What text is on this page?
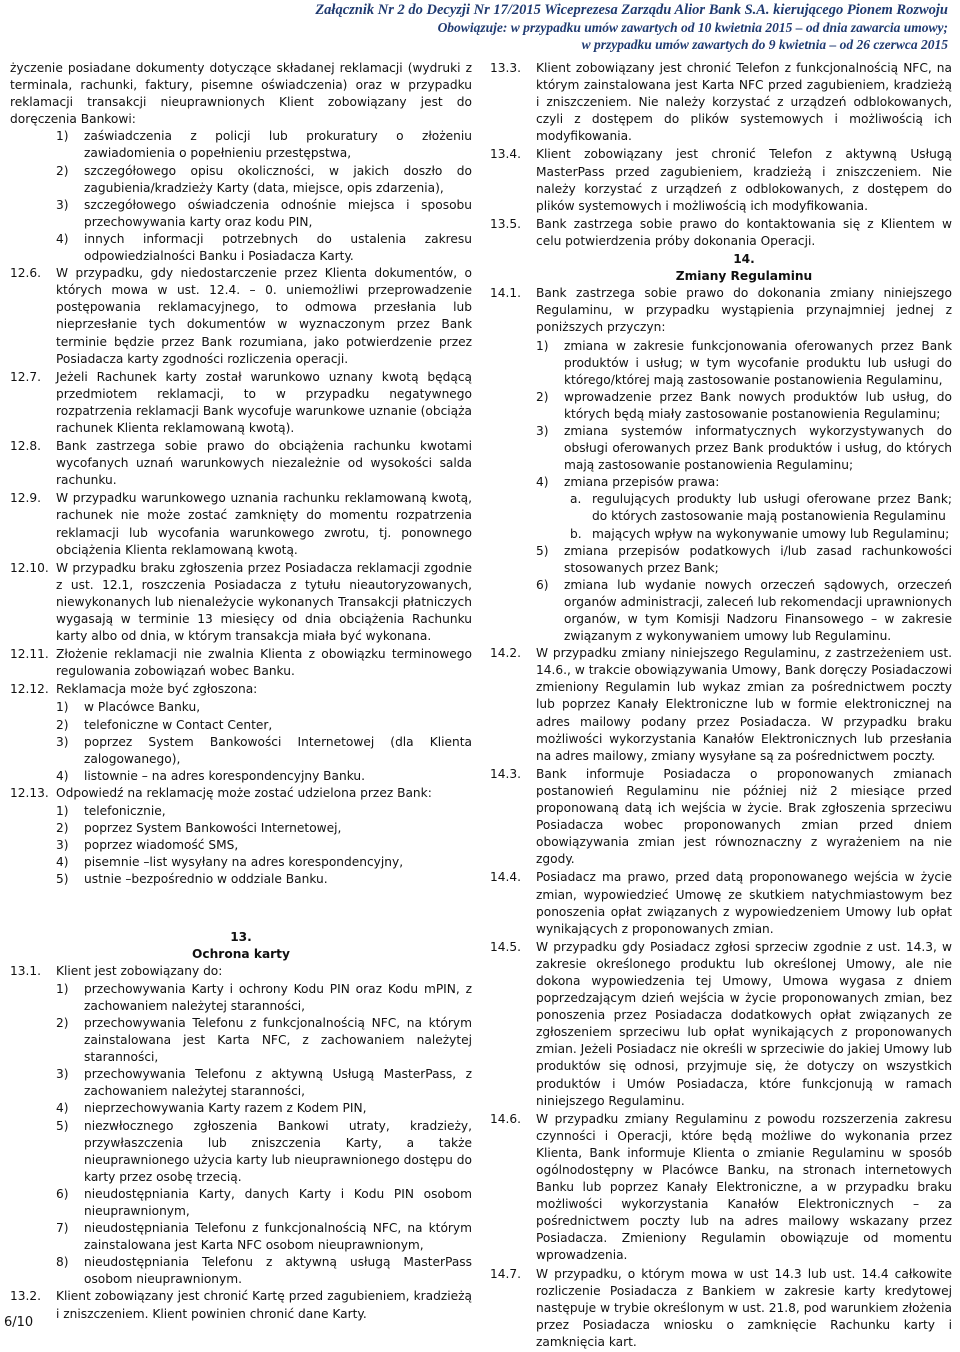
Załącznik Nr 2 do Decyzji Nr 17/2015 Wiceprezesa Zarządu Alior Bank S.A. kierującego Pionem Rozwoju
Obowiązuje: w przypadku umów zawartych od 10 kwietnia 2015 – od dnia zawarcia umowy;
w przypadku umów zawartych do 9 kwietnia – od 26 czerwca 2015
życzenie posiadane dokumenty dotyczące składanej reklamacji (wydruki z terminala, rachunki, faktury, pisemne oświadczenia) oraz w przypadku reklamacji transakcji nieuprawnionych Klient zobowiązany jest do doręczenia Bankowi:
1)	zaświadczenia z policji lub prokuratury o złożeniu zawiadomienia o popełnieniu przestępstwa,
2)	szczegółowego opisu okoliczności, w jakich doszło do zagubienia/kradzieży Karty (data, miejsce, opis zdarzenia),
3)	szczegółowego oświadczenia odnośnie miejsca i sposobu przechowywania karty oraz kodu PIN,
4)	innych informacji potrzebnych do ustalenia zakresu odpowiedzialności Banku i Posiadacza Karty.
12.6.	W przypadku, gdy niedostarczenie przez Klienta dokumentów, o których mowa w ust. 12.4. – 0. uniemożliwi przeprowadzenie postępowania reklamacyjnego, to odmowa przesłania lub nieprzesłanie tych dokumentów w wyznaczonym przez Bank terminie będzie przez Bank rozumiana, jako potwierdzenie przez Posiadacza karty zgodności rozliczenia operacji.
12.7.	Jeżeli Rachunek karty został warunkowo uznany kwotą będącą przedmiotem reklamacji, to w przypadku negatywnego rozpatrzenia reklamacji Bank wycofuje warunkowe uznanie (obciąża rachunek Klienta reklamowaną kwotą).
12.8.	Bank zastrzega sobie prawo do obciążenia rachunku kwotami wycofanych uznań warunkowych niezależnie od wysokości salda rachunku.
12.9.	W przypadku warunkowego uznania rachunku reklamowaną kwotą, rachunek nie może zostać zamknięty do momentu rozpatrzenia reklamacji lub wycofania warunkowego zwrotu, tj. ponownego obciążenia Klienta reklamowaną kwotą.
12.10. W przypadku braku zgłoszenia przez Posiadacza reklamacji zgodnie z ust. 12.1, roszczenia Posiadacza z tytułu nieautoryzowanych, niewykonanych lub nienależycie wykonanych Transakcji płatniczych wygasają w terminie 13 miesięcy od dnia obciążenia Rachunku karty albo od dnia, w którym transakcja miała być wykonana.
12.11. Złożenie reklamacji nie zwalnia Klienta z obowiązku terminowego regulowania zobowiązań wobec Banku.
12.12. Reklamacja może być zgłoszona:
1)	w Placówce Banku,
2)	telefoniczne w Contact Center,
3)	poprzez System Bankowości Internetowej (dla Klienta zalogowanego),
4)	listownie – na adres korespondencyjny Banku.
12.13. Odpowiedź na reklamację może zostać udzielona przez Bank:
1)	telefonicznie,
2)	poprzez System Bankowości Internetowej,
3)	poprzez wiadomość SMS,
4)	pisemnie –list wysyłany na adres korespondencyjny,
5)	ustnie –bezpośrednio w oddziale Banku.
13.
Ochrona karty
13.1.	Klient jest zobowiązany do:
1)	przechowywania Karty i ochrony Kodu PIN oraz Kodu mPIN, z zachowaniem należytej staranności,
2)	przechowywania Telefonu z funkcjonalnością NFC, na którym zainstalowana jest Karta NFC, z zachowaniem należytej staranności,
3)	przechowywania Telefonu z aktywną Usługą MasterPass, z zachowaniem należytej staranności,
4)	nieprzechowywania Karty razem z Kodem PIN,
5)	niezwłocznego zgłoszenia Bankowi utraty, kradzieży, przywłaszczenia lub zniszczenia Karty, a także nieuprawnionego użycia karty lub nieuprawnionego dostępu do karty przez osobę trzecią.
6)	nieudostępniania Karty, danych Karty i Kodu PIN osobom nieuprawnionym,
7)	nieudostępniania Telefonu z funkcjonalnością NFC, na którym zainstalowana jest Karta NFC osobom nieuprawnionym,
8)	nieudostępniania Telefonu z aktywną usługą MasterPass osobom nieuprawnionym.
13.2.	Klient zobowiązany jest chronić Kartę przed zagubieniem, kradzieżą i zniszczeniem. Klient powinien chronić dane Karty.
13.3.	Klient zobowiązany jest chronić Telefon z funkcjonalnością NFC, na którym zainstalowana jest Karta NFC przed zagubieniem, kradzieżą i zniszczeniem. Nie należy korzystać z urządzeń odblokowanych, czyli z dostępem do plików systemowych i możliwością ich modyfikowania.
13.4.	Klient zobowiązany jest chronić Telefon z aktywną Usługą MasterPass przed zagubieniem, kradzieżą i zniszczeniem. Nie należy korzystać z urządzeń z odblokowanych, z dostępem do plików systemowych i możliwością ich modyfikowania.
13.5.	Bank zastrzega sobie prawo do kontaktowania się z Klientem w celu potwierdzenia próby dokonania Operacji.
14.
Zmiany Regulaminu
14.1.	Bank zastrzega sobie prawo do dokonania zmiany niniejszego Regulaminu, w przypadku wystąpienia przynajmniej jednej z poniższych przyczyn:
1)	zmiana w zakresie funkcjonowania oferowanych przez Bank produktów i usług; w tym wycofanie produktu lub usługi do którego/której mają zastosowanie postanowienia Regulaminu,
2)	wprowadzenie przez Bank nowych produktów lub usług, do których będą miały zastosowanie postanowienia Regulaminu;
3)	zmiana systemów informatycznych wykorzystywanych do obsługi oferowanych przez Bank produktów i usług, do których mają zastosowanie postanowienia Regulaminu;
4)	zmiana przepisów prawa:
a. regulujących produkty lub usługi oferowane przez Bank; do których zastosowanie mają postanowienia Regulaminu
b. mających wpływ na wykonywanie umowy lub Regulaminu;
5)	zmiana przepisów podatkowych i/lub zasad rachunkowości stosowanych przez Bank;
6)	zmiana lub wydanie nowych orzeczeń sądowych, orzeczeń organów administracji, zaleceń lub rekomendacji uprawnionych organów, w tym Komisji Nadzoru Finansowego – w zakresie związanym z wykonywaniem umowy lub Regulaminu.
14.2.	W przypadku zmiany niniejszego Regulaminu, z zastrzeżeniem ust. 14.6., w trakcie obowiązywania Umowy, Bank doręczy Posiadaczowi zmieniony Regulamin lub wykaz zmian za pośrednictwem poczty lub poprzez Kanały Elektroniczne lub w formie elektronicznej na adres mailowy podany przez Posiadacza. W przypadku braku możliwości wykorzystania Kanałów Elektronicznych lub przesłania na adres mailowy, zmiany wysyłane są za pośrednictwem poczty.
14.3.	Bank informuje Posiadacza o proponowanych zmianach postanowień Regulaminu nie później niż 2 miesiące przed proponowaną datą ich wejścia w życie. Brak zgłoszenia sprzeciwu Posiadacza wobec proponowanych zmian przed dniem obowiązywania zmian jest równoznaczny z wyrażeniem na nie zgody.
14.4.	Posiadacz ma prawo, przed datą proponowanego wejścia w życie zmian, wypowiedzieć Umowę ze skutkiem natychmiastowym bez ponoszenia opłat związanych z wypowiedzeniem Umowy lub opłat wynikających z proponowanych zmian.
14.5.	W przypadku gdy Posiadacz zgłosi sprzeciw zgodnie z ust. 14.3, w zakresie określonego produktu lub określonej Umowy, ale nie dokona wypowiedzenia tej Umowy, Umowa wygasa z dniem poprzedzającym dzień wejścia w życie proponowanych zmian, bez ponoszenia przez Posiadacza dodatkowych opłat związanych ze zgłoszeniem sprzeciwu lub opłat wynikających z proponowanych zmian. Jeżeli Posiadacz nie określi w sprzeciwie do jakiej Umowy lub produktów się odnosi, przyjmuje się, że dotyczy on wszystkich produktów i Umów Posiadacza, które funkcjonują w ramach niniejszego Regulaminu.
14.6.	W przypadku zmiany Regulaminu z powodu rozszerzenia zakresu czynności i Operacji, które będą możliwe do wykonania przez Klienta, Bank informuje Klienta o zmianie Regulaminu w sposób ogólnodostępny w Placówce Banku, na stronach internetowych Banku lub poprzez Kanały Elektroniczne, a w przypadku braku możliwości wykorzystania Kanałów Elektronicznych – za pośrednictwem poczty lub na adres mailowy wskazany przez Posiadacza. Zmieniony Regulamin obowiązuje od momentu wprowadzenia.
14.7.	W przypadku, o którym mowa w ust 14.3 lub ust. 14.4 całkowite rozliczenie Posiadacza z Bankiem w zakresie karty kredytowej następuje w trybie określonym w ust. 21.8, pod warunkiem złożenia przez Posiadacza wniosku o zamknięcie Rachunku karty i zamknięcia kart.
6/10
